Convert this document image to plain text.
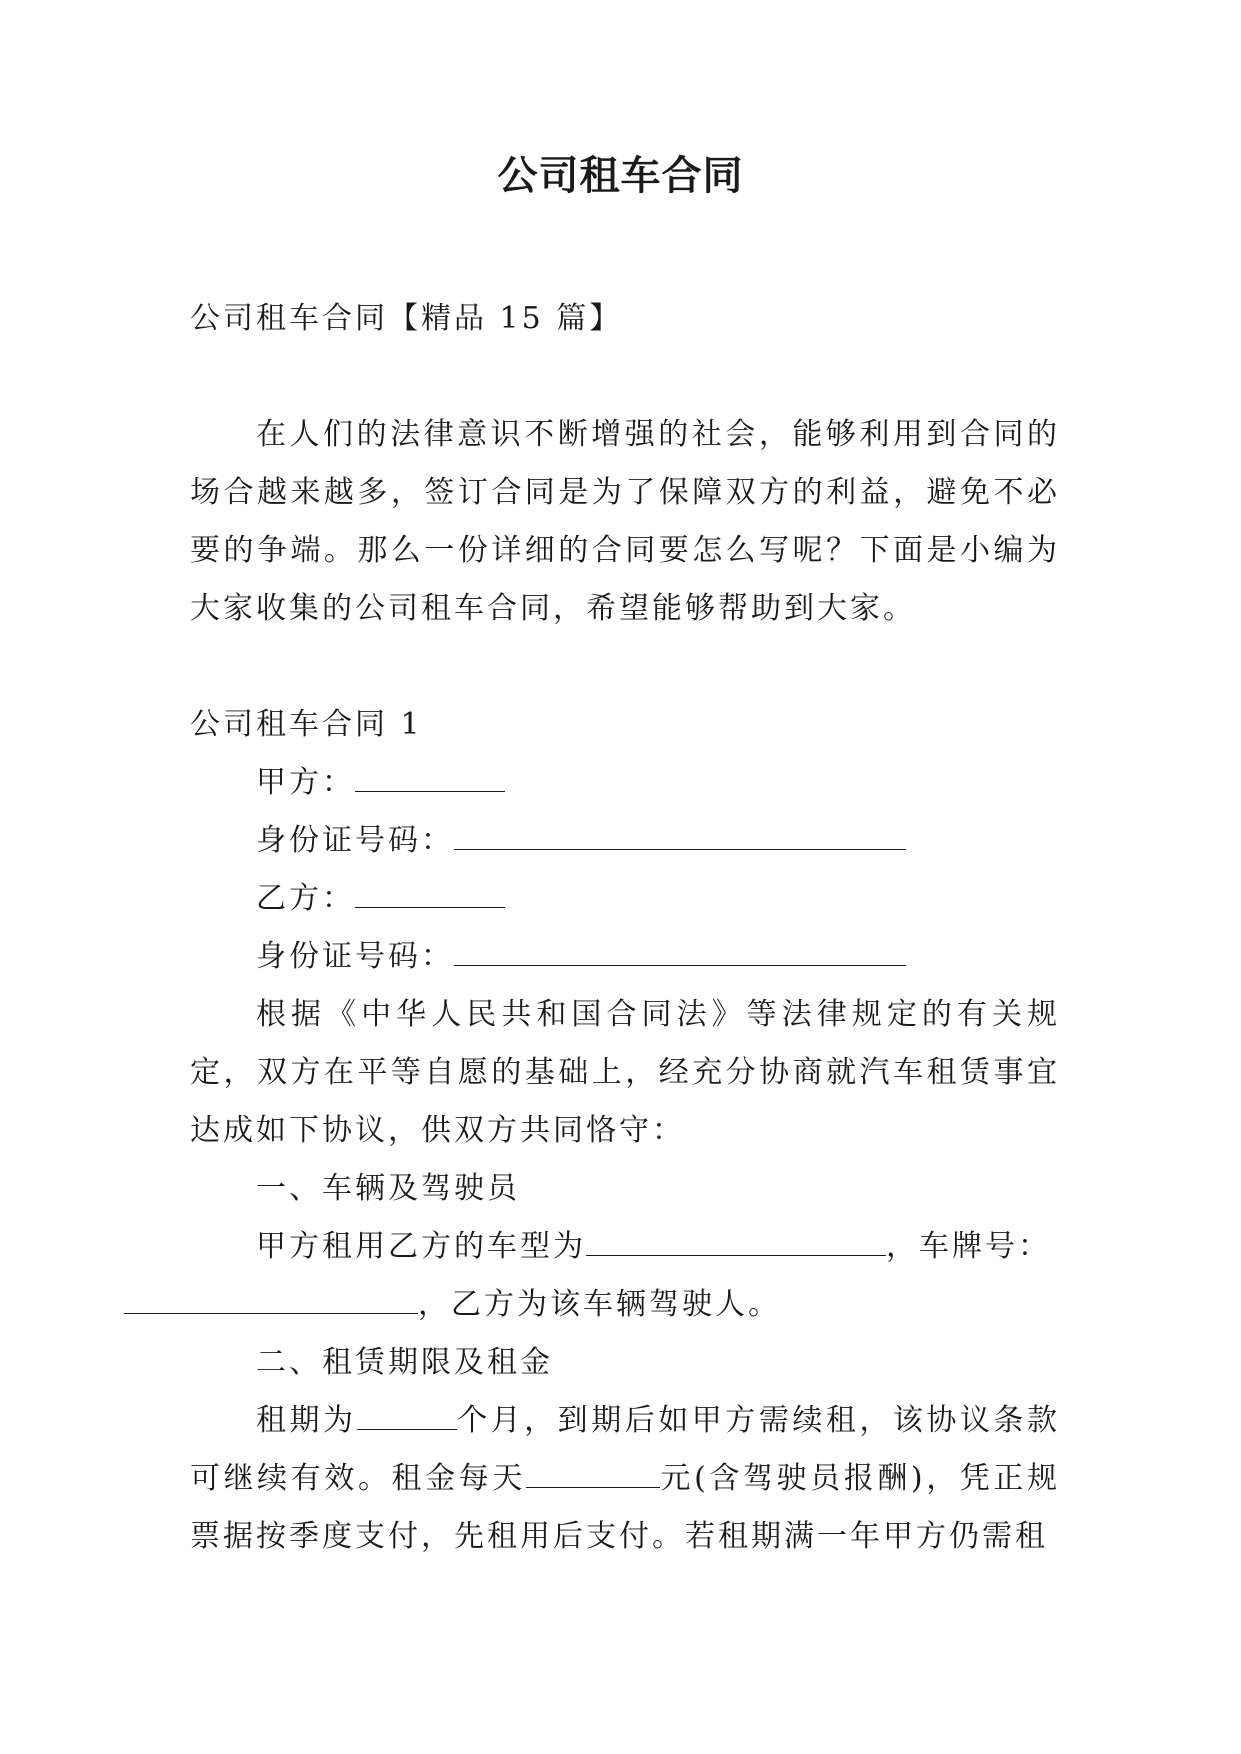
公司租车合同

公司租车合同【精品 15 篇】

在人们的法律意识不断增强的社会，能够利用到合同的场合越来越多，签订合同是为了保障双方的利益，避免不必要的争端。那么一份详细的合同要怎么写呢？下面是小编为大家收集的公司租车合同，希望能够帮助到大家。

公司租车合同 1

甲方：

身份证号码：

乙方：

身份证号码：

根据《中华人民共和国合同法》等法律规定的有关规定，双方在平等自愿的基础上，经充分协商就汽车租赁事宜达成如下协议，供双方共同恪守：

一、车辆及驾驶员

甲方租用乙方的车型为	，车牌号：
，乙方为该车辆驾驶人。

二、租赁期限及租金

租期为	个月，到期后如甲方需续租，该协议条款可继续有效。租金每天	元(含驾驶员报酬)，凭正规票据按季度支付，先租用后支付。若租期满一年甲方仍需租
